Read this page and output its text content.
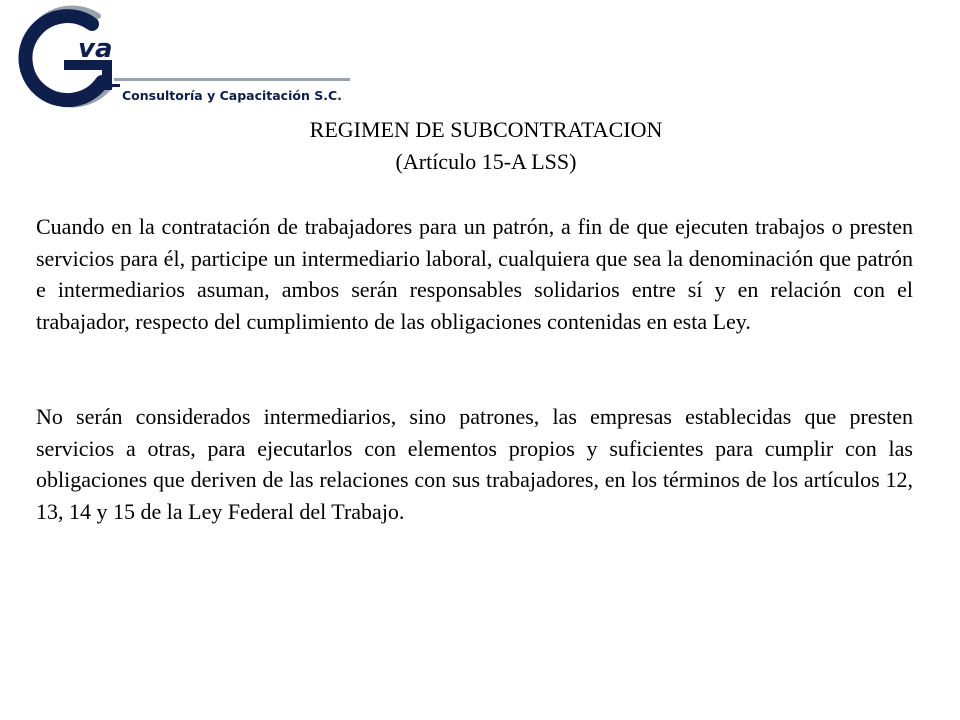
va
Consultoría y Capacitación S.C.
REGIMEN DE SUBCONTRATACION
(Artículo 15-A LSS)

Cuando en la contratación de trabajadores para un patrón, a fin de que ejecuten trabajos o presten servicios para él, participe un intermediario laboral, cualquiera que sea la denominación que patrón e intermediarios asuman, ambos serán responsables solidarios entre sí y en relación con el trabajador, respecto del cumplimiento de las obligaciones contenidas en esta Ley.

No serán considerados intermediarios, sino patrones, las empresas establecidas que presten servicios a otras, para ejecutarlos con elementos propios y suficientes para cumplir con las obligaciones que deriven de las relaciones con sus trabajadores, en los términos de los artículos 12, 13, 14 y 15 de la Ley Federal del Trabajo.
